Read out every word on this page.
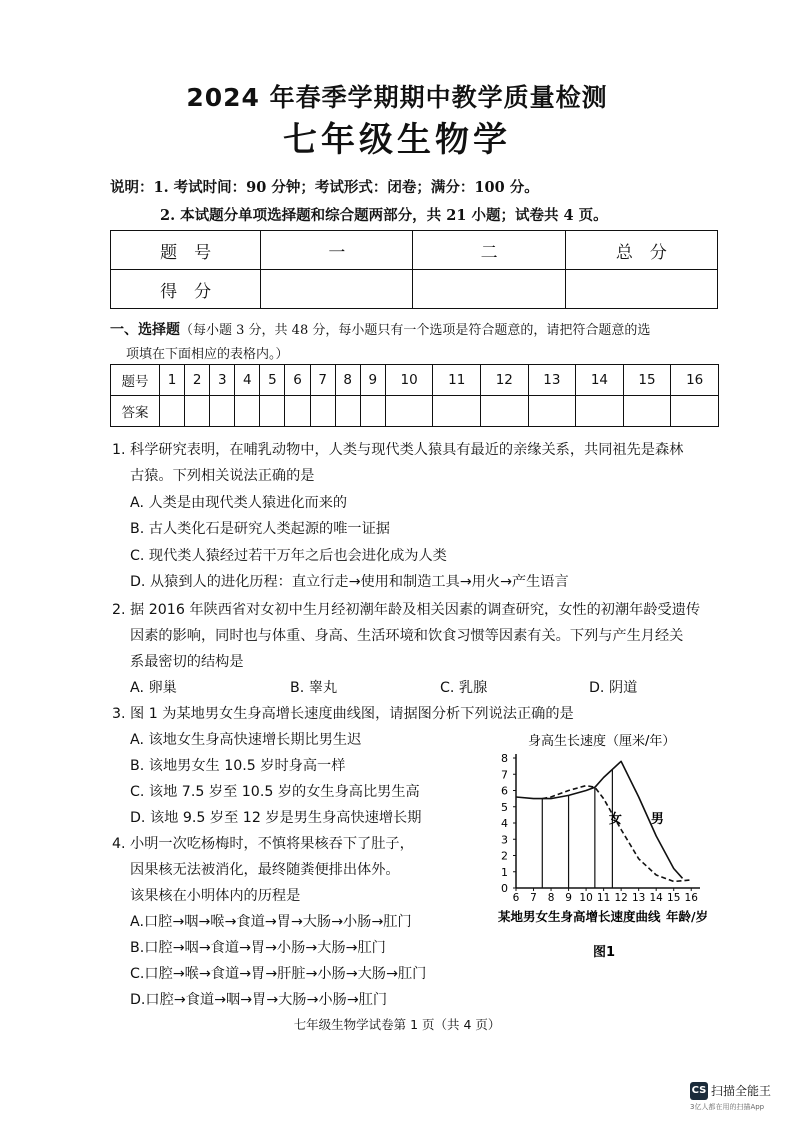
2024 年春季学期期中教学质量检测
七年级生物学
说明：1. 考试时间：90 分钟；考试形式：闭卷；满分：100 分。
2. 本试题分单项选择题和综合题两部分，共 21 小题；试卷共 4 页。
题　号	一	二	总　分
得　分			
一、选择题（每小题 3 分，共 48 分，每小题只有一个选项是符合题意的，请把符合题意的选
项填在下面相应的表格内。）
题号	1	2	3	4	5	6	7	8	9	10	11	12	13	14	15	16
答案																
1. 科学研究表明，在哺乳动物中，人类与现代类人猿具有最近的亲缘关系，共同祖先是森林
古猿。下列相关说法正确的是
A. 人类是由现代类人猿进化而来的
B. 古人类化石是研究人类起源的唯一证据
C. 现代类人猿经过若干万年之后也会进化成为人类
D. 从猿到人的进化历程：直立行走→使用和制造工具→用火→产生语言
2. 据 2016 年陕西省对女初中生月经初潮年龄及相关因素的调查研究，女性的初潮年龄受遗传
因素的影响，同时也与体重、身高、生活环境和饮食习惯等因素有关。下列与产生月经关
系最密切的结构是
A. 卵巢	B. 睾丸	C. 乳腺	D. 阴道
3. 图 1 为某地男女生身高增长速度曲线图，请据图分析下列说法正确的是
A. 该地女生身高快速增长期比男生迟
B. 该地男女生 10.5 岁时身高一样
C. 该地 7.5 岁至 10.5 岁的女生身高比男生高
D. 该地 9.5 岁至 12 岁是男生身高快速增长期
4. 小明一次吃杨梅时，不慎将果核吞下了肚子，
因果核无法被消化，最终随粪便排出体外。
该果核在小明体内的历程是
A.口腔→咽→喉→食道→胃→大肠→小肠→肛门
B.口腔→咽→食道→胃→小肠→大肠→肛门
C.口腔→喉→食道→胃→肝脏→小肠→大肠→肛门
D.口腔→食道→咽→胃→大肠→小肠→肛门
身高生长速度（厘米/年）
女 男
0
1
2
3
4
5
6
7
8
6 7 8 9 10 11 12 13 14 15 16
某地男女生身高增长速度曲线 年龄/岁
图1
七年级生物学试卷第 1 页（共 4 页）
CS 扫描全能王
3亿人都在用的扫描App
